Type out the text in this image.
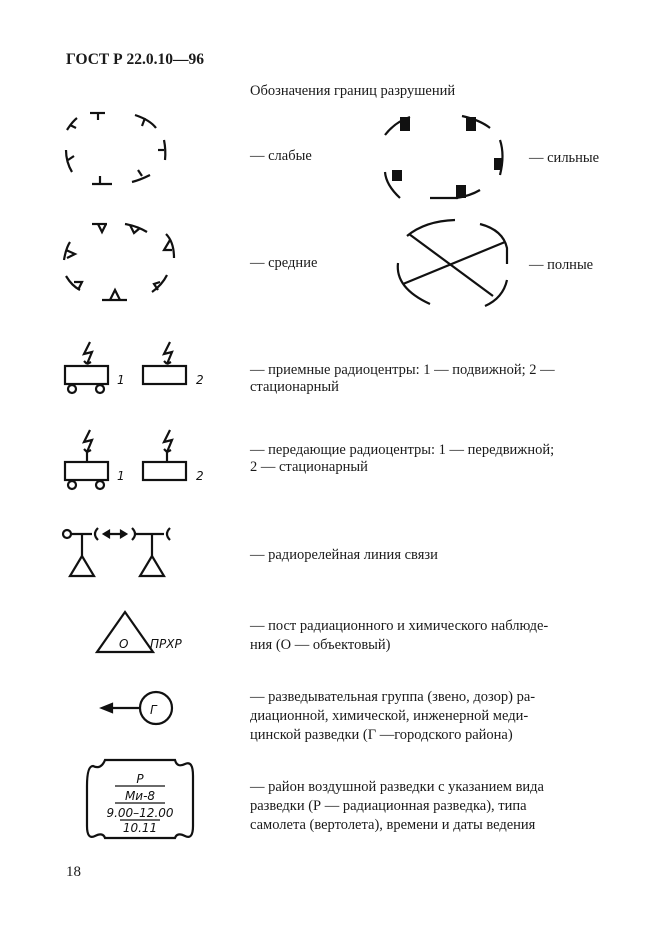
ГОСТ Р 22.0.10—96
Обозначения границ разрушений
— слабые	— сильные
— средние	— полные
1	2
— приемные радиоцентры: 1 — подвижной; 2 —
стационарный
1	2
— передающие радиоцентры: 1 — передвижной;
2 — стационарный
— радиорелейная линия связи
О ПРХР
— пост радиационного и химического наблюде-
ния (О — объектовый)
Г
— разведывательная группа (звено, дозор) ра-
диационной, химической, инженерной меди-
цинской разведки (Г —городского района)
Р
Ми-8
9.00–12.00
10.11
— район воздушной разведки с указанием вида
разведки (Р — радиационная разведка), типа
самолета (вертолета), времени и даты ведения
18
